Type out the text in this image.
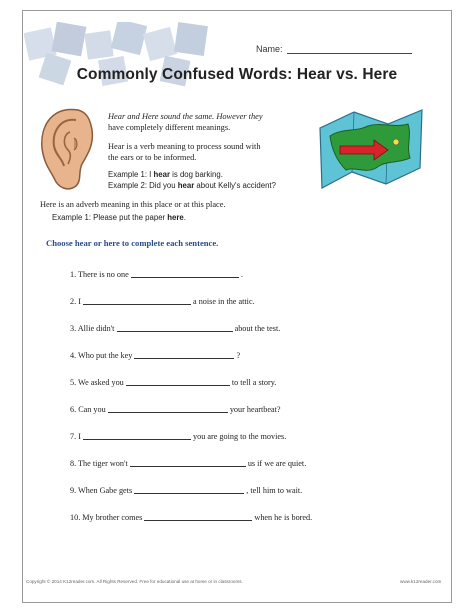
Name:
Commonly Confused Words: Hear vs. Here
Hear and Here sound the same. However they
have completely different meanings.
Hear is a verb meaning to process sound with
the ears or to be informed.
Example 1: I hear is dog barking.
Example 2: Did you hear about Kelly's accident?
Here is an adverb meaning in this place or at this place.
Example 1: Please put the paper here.
Choose hear or here to complete each sentence.
1. There is no one	.
2. I	a noise in the attic.
3. Allie didn't	about the test.
4. Who put the key	?
5. We asked you	to tell a story.
6. Can you	your heartbeat?
7. I	you are going to the movies.
8. The tiger won't	us if we are quiet.
9. When Gabe gets	, tell him to wait.
10. My brother comes	when he is bored.
Copyright © 2014 K12reader.com. All Rights Reserved. Free for educational use at home or in classrooms.	www.k12reader.com
